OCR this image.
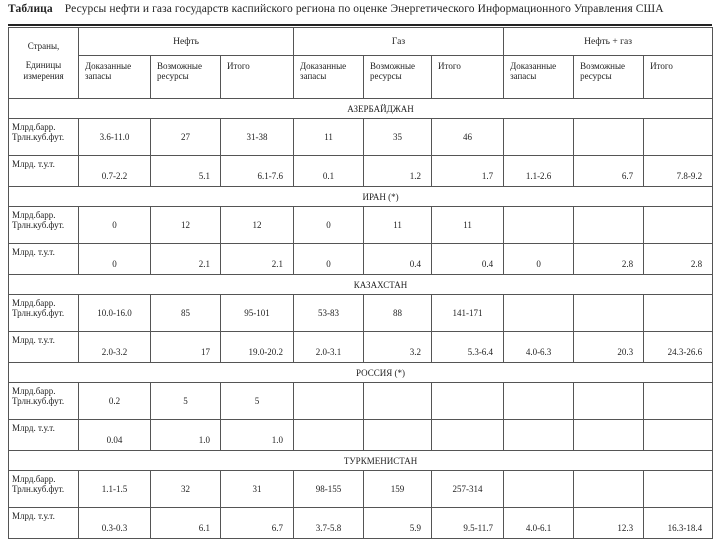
Таблица Ресурсы нефти и газа государств каспийского региона по оценке Энергетического Информационного Управления США
Страны,
Единицы
измерения	Нефть			Газ			Нефть + газ		
	Доказанные запасы	Возможные ресурсы	Итого	Доказанные запасы	Возможные ресурсы	Итого	Доказанные запасы	Возможные ресурсы	Итого
АЗЕРБАЙДЖАН									

Млрд.барр.
Трлн.куб.фут.	3.6-11.0	27	31-38	11	35	46			
Млрд. т.у.т.	0.7-2.2	5.1	6.1-7.6	0.1	1.2	1.7	1.1-2.6	6.7	7.8-9.2
ИРАН (*)									

Млрд.барр.
Трлн.куб.фут.	0	12	12	0	11	11			
Млрд. т.у.т.	0	2.1	2.1	0	0.4	0.4	0	2.8	2.8
КАЗАХСТАН									

Млрд.барр.
Трлн.куб.фут.	10.0-16.0	85	95-101	53-83	88	141-171			
Млрд. т.у.т.	2.0-3.2	17	19.0-20.2	2.0-3.1	3.2	5.3-6.4	4.0-6.3	20.3	24.3-26.6
РОССИЯ (*)									

Млрд.барр.
Трлн.куб.фут.	0.2	5	5						
Млрд. т.у.т.	0.04	1.0	1.0						
ТУРКМЕНИСТАН									

Млрд.барр.
Трлн.куб.фут.	1.1-1.5	32	31	98-155	159	257-314			
Млрд. т.у.т.	0.3-0.3	6.1	6.7	3.7-5.8	5.9	9.5-11.7	4.0-6.1	12.3	16.3-18.4
